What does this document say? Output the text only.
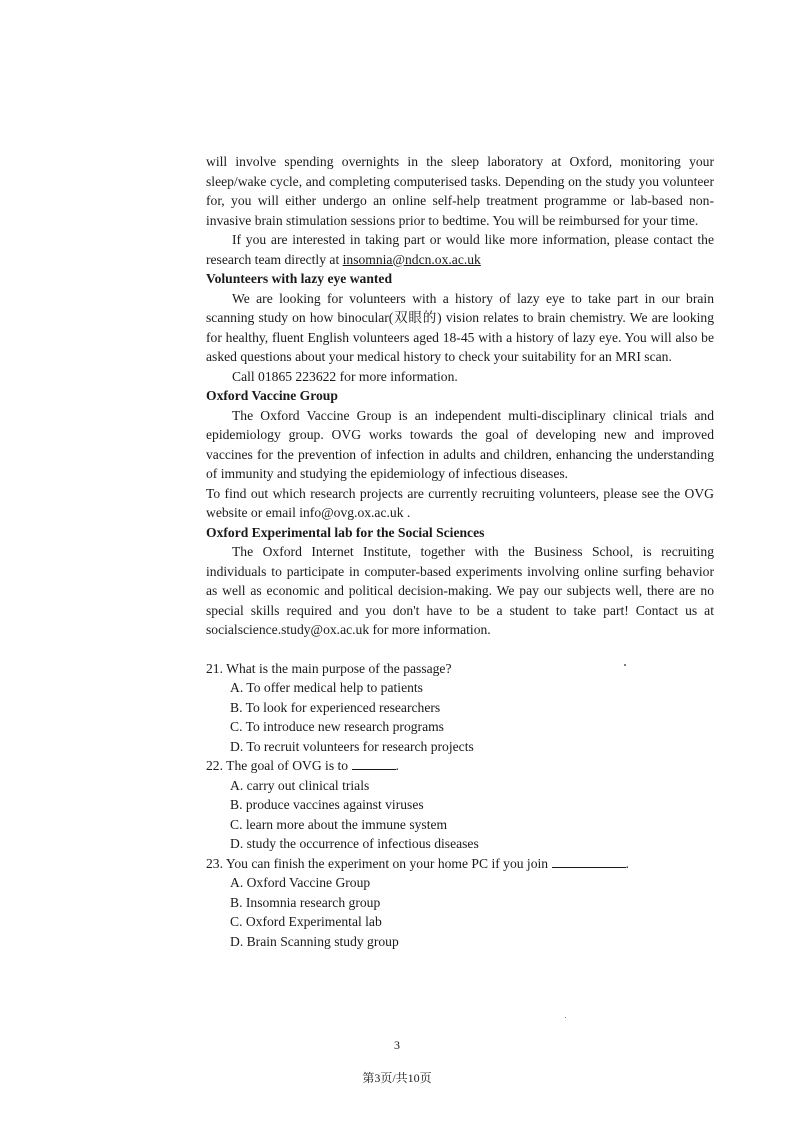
will involve spending overnights in the sleep laboratory at Oxford, monitoring your sleep/wake cycle, and completing computerised tasks. Depending on the study you volunteer for, you will either undergo an online self-help treatment programme or lab-based non-invasive brain stimulation sessions prior to bedtime. You will be reimbursed for your time.

If you are interested in taking part or would like more information, please contact the research team directly at insomnia@ndcn.ox.ac.uk

Volunteers with lazy eye wanted

We are looking for volunteers with a history of lazy eye to take part in our brain scanning study on how binocular(双眼的) vision relates to brain chemistry. We are looking for healthy, fluent English volunteers aged 18-45 with a history of lazy eye. You will also be asked questions about your medical history to check your suitability for an MRI scan.

Call 01865 223622 for more information.

Oxford Vaccine Group

The Oxford Vaccine Group is an independent multi-disciplinary clinical trials and epidemiology group. OVG works towards the goal of developing new and improved vaccines for the prevention of infection in adults and children, enhancing the understanding of immunity and studying the epidemiology of infectious diseases.

To find out which research projects are currently recruiting volunteers, please see the OVG website or email info@ovg.ox.ac.uk .

Oxford Experimental lab for the Social Sciences

The Oxford Internet Institute, together with the Business School, is recruiting individuals to participate in computer-based experiments involving online surfing behavior as well as economic and political decision-making. We pay our subjects well, there are no special skills required and you don't have to be a student to take part! Contact us at socialscience.study@ox.ac.uk for more information.

21. What is the main purpose of the passage?

A. To offer medical help to patients

B. To look for experienced researchers

C. To introduce new research programs

D. To recruit volunteers for research projects

22. The goal of OVG is to	.

A. carry out clinical trials

B. produce vaccines against viruses

C. learn more about the immune system

D. study the occurrence of infectious diseases

23. You can finish the experiment on your home PC if you join	.

A. Oxford Vaccine Group

B. Insomnia research group

C. Oxford Experimental lab

D. Brain Scanning study group

3
第3页/共10页
